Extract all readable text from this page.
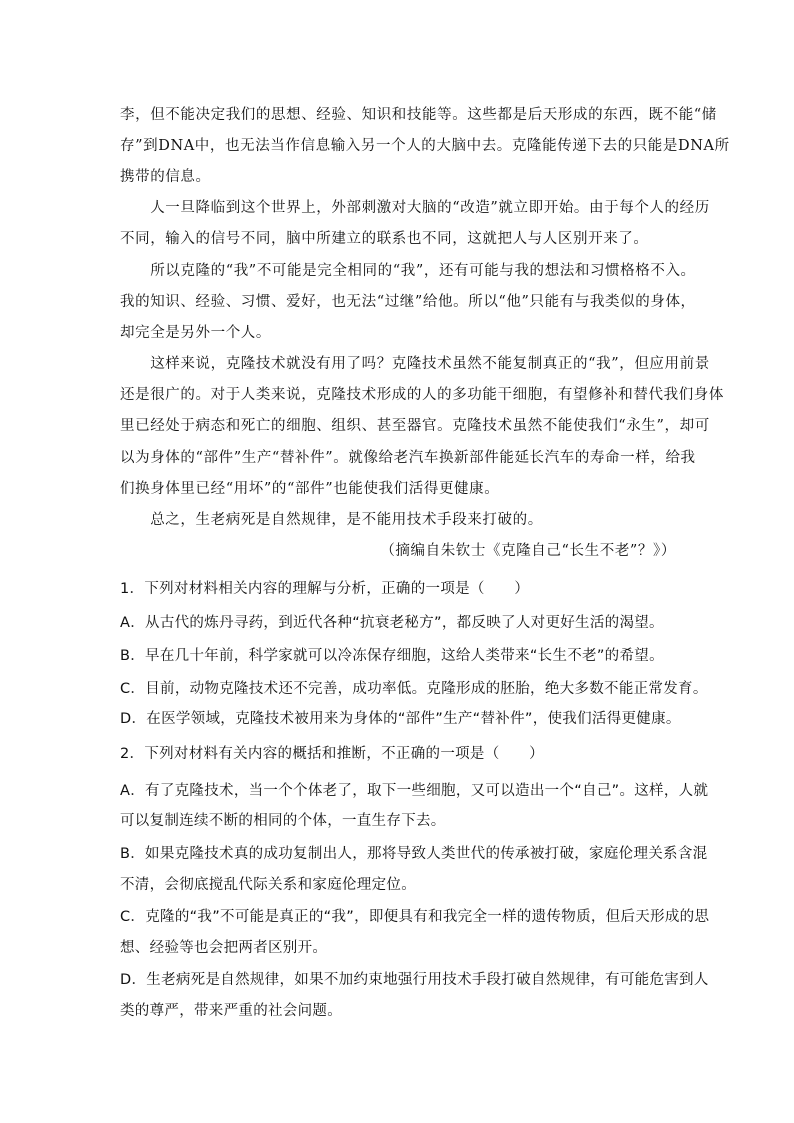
李，但不能决定我们的思想、经验、知识和技能等。这些都是后天形成的东西，既不能“储
存”到DNA中，也无法当作信息输入另一个人的大脑中去。克隆能传递下去的只能是DNA所
携带的信息。
　　人一旦降临到这个世界上，外部刺激对大脑的“改造”就立即开始。由于每个人的经历
不同，输入的信号不同，脑中所建立的联系也不同，这就把人与人区别开来了。
　　所以克隆的“我”不可能是完全相同的“我”，还有可能与我的想法和习惯格格不入。
我的知识、经验、习惯、爱好，也无法“过继”给他。所以“他”只能有与我类似的身体，
却完全是另外一个人。
　　这样来说，克隆技术就没有用了吗？克隆技术虽然不能复制真正的“我”，但应用前景
还是很广的。对于人类来说，克隆技术形成的人的多功能干细胞，有望修补和替代我们身体
里已经处于病态和死亡的细胞、组织、甚至器官。克隆技术虽然不能使我们“永生”，却可
以为身体的“部件”生产“替补件”。就像给老汽车换新部件能延长汽车的寿命一样，给我
们换身体里已经“用坏”的“部件”也能使我们活得更健康。
　　总之，生老病死是自然规律，是不能用技术手段来打破的。
（摘编自朱钦士《克隆自己“长生不老”？》）
1．下列对材料相关内容的理解与分析，正确的一项是（　　）
A．从古代的炼丹寻药，到近代各种“抗衰老秘方”，都反映了人对更好生活的渴望。
B．早在几十年前，科学家就可以冷冻保存细胞，这给人类带来“长生不老”的希望。
C．目前，动物克隆技术还不完善，成功率低。克隆形成的胚胎，绝大多数不能正常发育。
D．在医学领域，克隆技术被用来为身体的“部件”生产“替补件”，使我们活得更健康。
2．下列对材料有关内容的概括和推断，不正确的一项是（　　）
A．有了克隆技术，当一个个体老了，取下一些细胞，又可以造出一个“自己”。这样，人就
可以复制连续不断的相同的个体，一直生存下去。
B．如果克隆技术真的成功复制出人，那将导致人类世代的传承被打破，家庭伦理关系含混
不清，会彻底搅乱代际关系和家庭伦理定位。
C．克隆的“我”不可能是真正的“我”，即便具有和我完全一样的遗传物质，但后天形成的思
想、经验等也会把两者区别开。
D．生老病死是自然规律，如果不加约束地强行用技术手段打破自然规律，有可能危害到人
类的尊严，带来严重的社会问题。
